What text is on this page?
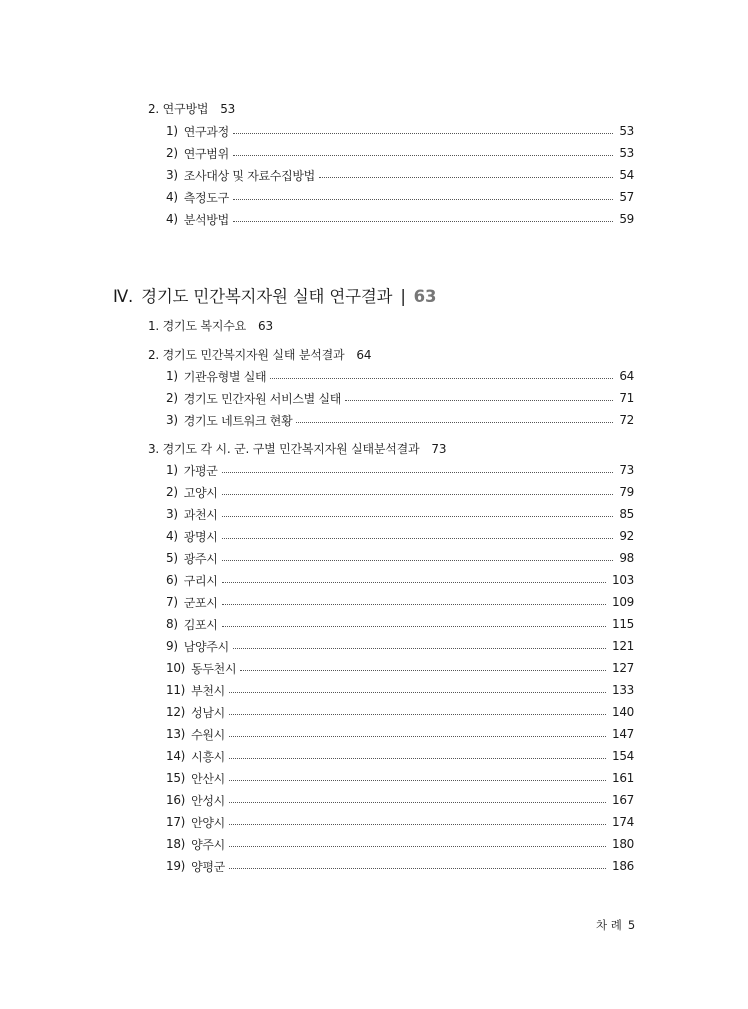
2. 연구방법 53
1) 연구과정	53
2) 연구범위	53
3) 조사대상 및 자료수집방법	54
4) 측정도구	57
4) 분석방법	59
Ⅳ. 경기도 민간복지자원 실태 연구결과 | 63
1. 경기도 복지수요 63
2. 경기도 민간복지자원 실태 분석결과 64
1) 기관유형별 실태	64
2) 경기도 민간자원 서비스별 실태	71
3) 경기도 네트워크 현황	72
3. 경기도 각 시. 군. 구별 민간복지자원 실태분석결과 73
1) 가평군	73
2) 고양시	79
3) 과천시	85
4) 광명시	92
5) 광주시	98
6) 구리시	103
7) 군포시	109
8) 김포시	115
9) 남양주시	121
10) 동두천시	127
11) 부천시	133
12) 성남시	140
13) 수원시	147
14) 시흥시	154
15) 안산시	161
16) 안성시	167
17) 안양시	174
18) 양주시	180
19) 양평군	186
차 례 5
